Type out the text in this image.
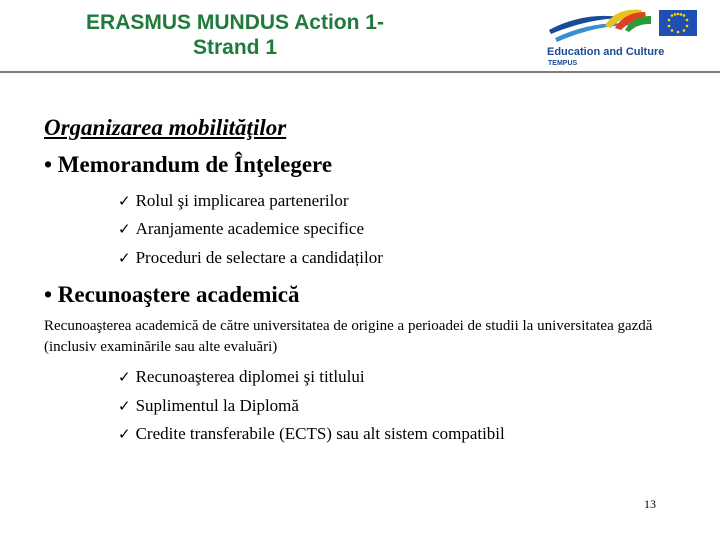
ERASMUS MUNDUS Action 1-
Strand 1	Education and Culture
TEMPUS
Organizarea mobilităţilor
• Memorandum de Înţelegere
✓ Rolul şi implicarea partenerilor
✓ Aranjamente academice specifice
✓ Proceduri de selectare a candidaților
• Recunoaştere academică
Recunoaşterea academică de către universitatea de origine a perioadei de studii la universitatea gazdă (inclusiv examinările sau alte evaluări)
✓ Recunoaşterea diplomei şi titlului
✓ Suplimentul la Diplomă
✓ Credite transferabile (ECTS) sau alt sistem compatibil
13
